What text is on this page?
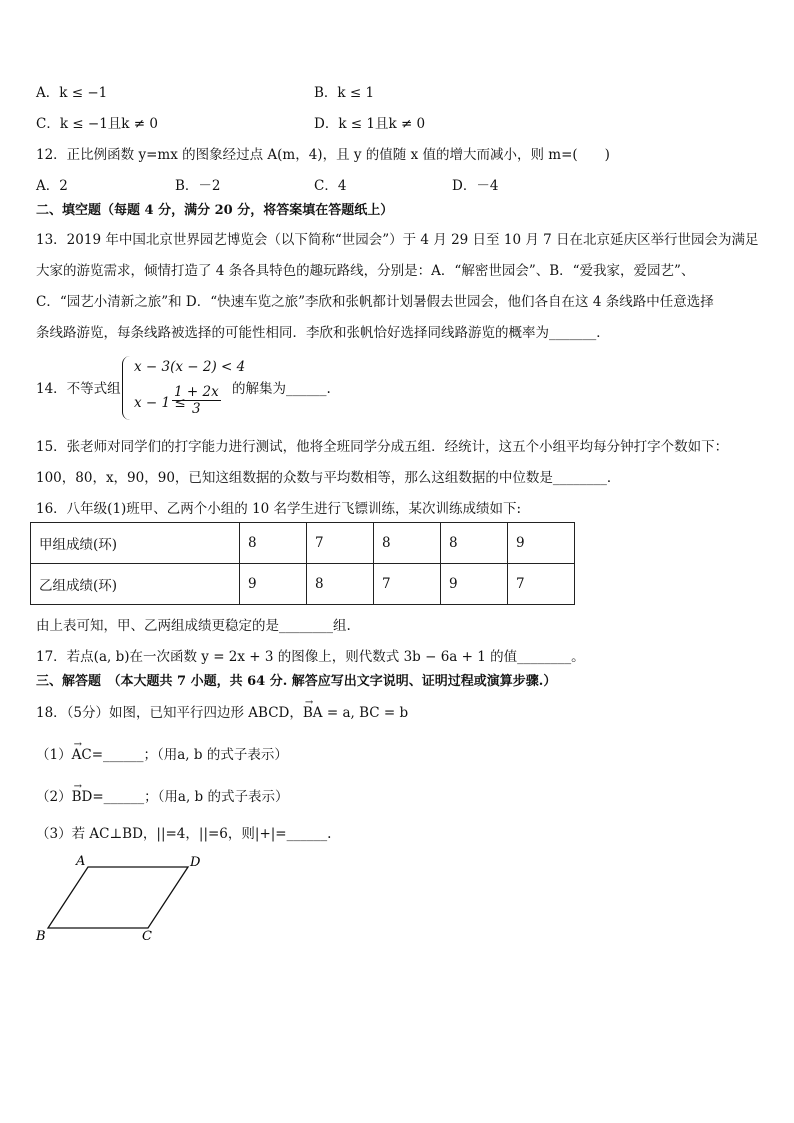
A．k ≤ −1	B．k ≤ 1
C．k ≤ −1且k ≠ 0	D．k ≤ 1且k ≠ 0
12．正比例函数 y=mx 的图象经过点 A(m，4)，且 y 的值随 x 值的增大而减小，则 m=(　　)
A．2	B．－2	C．4	D．－4
二、填空题（每题 4 分，满分 20 分，将答案填在答题纸上）
13．2019 年中国北京世界园艺博览会（以下简称“世园会”）于 4 月 29 日至 10 月 7 日在北京延庆区举行世园会为满足
大家的游览需求，倾情打造了 4 条各具特色的趣玩路线，分别是：A．“解密世园会”、B．“爱我家，爱园艺”、
C．“园艺小清新之旅”和 D．“快速车览之旅”李欣和张帆都计划暑假去世园会，他们各自在这 4 条线路中任意选择
条线路游览，每条线路被选择的可能性相同．李欣和张帆恰好选择同线路游览的概率为_______．
14．不等式组
x − 3(x − 2) < 4
x − 1 ≤
$\frac{1 + 2x}{3}$ 的解集为______.
15．张老师对同学们的打字能力进行测试，他将全班同学分成五组．经统计，这五个小组平均每分钟打字个数如下：
100，80，x，90，90，已知这组数据的众数与平均数相等，那么这组数据的中位数是________．
16．八年级(1)班甲、乙两个小组的 10 名学生进行飞镖训练，某次训练成绩如下:
甲组成绩(环)	8	7	8	8	9
乙组成绩(环)	9	8	7	9	7
由上表可知，甲、乙两组成绩更稳定的是________组.
17．若点(a, b)在一次函数 y = 2x + 3 的图像上，则代数式 3b − 6a + 1 的值________。
三、解答题　（本大题共 7 小题，共 64 分. 解答应写出文字说明、证明过程或演算步骤.）
18．（5分）如图，已知平行四边形 ABCD，→ BA = a, BC = b
（1）→ AC=______；（用a, b 的式子表示）
（2）→ BD=______；（用a, b 的式子表示）
（3）若 AC⊥BD，||=4，||=6，则|+|=______.
A	D
B	C
